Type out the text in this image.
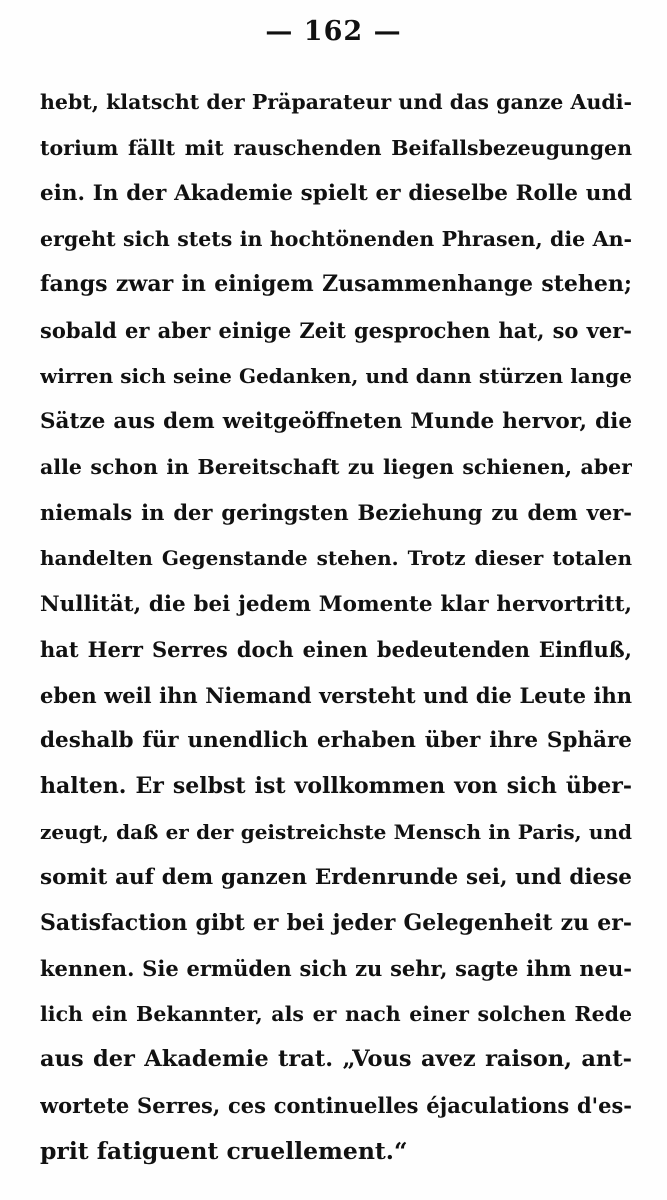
— 162 —
hebt, klatscht der Präparateur und das ganze Audi-
torium fällt mit rauschenden Beifallsbezeugungen
ein. In der Akademie spielt er dieselbe Rolle und
ergeht sich stets in hochtönenden Phrasen, die An-
fangs zwar in einigem Zusammenhange stehen;
sobald er aber einige Zeit gesprochen hat, so ver-
wirren sich seine Gedanken, und dann stürzen lange
Sätze aus dem weitgeöffneten Munde hervor, die
alle schon in Bereitschaft zu liegen schienen, aber
niemals in der geringsten Beziehung zu dem ver-
handelten Gegenstande stehen. Trotz dieser totalen
Nullität, die bei jedem Momente klar hervortritt,
hat Herr Serres doch einen bedeutenden Einfluß,
eben weil ihn Niemand versteht und die Leute ihn
deshalb für unendlich erhaben über ihre Sphäre
halten. Er selbst ist vollkommen von sich über-
zeugt, daß er der geistreichste Mensch in Paris, und
somit auf dem ganzen Erdenrunde sei, und diese
Satisfaction gibt er bei jeder Gelegenheit zu er-
kennen. Sie ermüden sich zu sehr, sagte ihm neu-
lich ein Bekannter, als er nach einer solchen Rede
aus der Akademie trat. „Vous avez raison, ant-
wortete Serres, ces continuelles éjaculations d'es-
prit fatiguent cruellement.“
